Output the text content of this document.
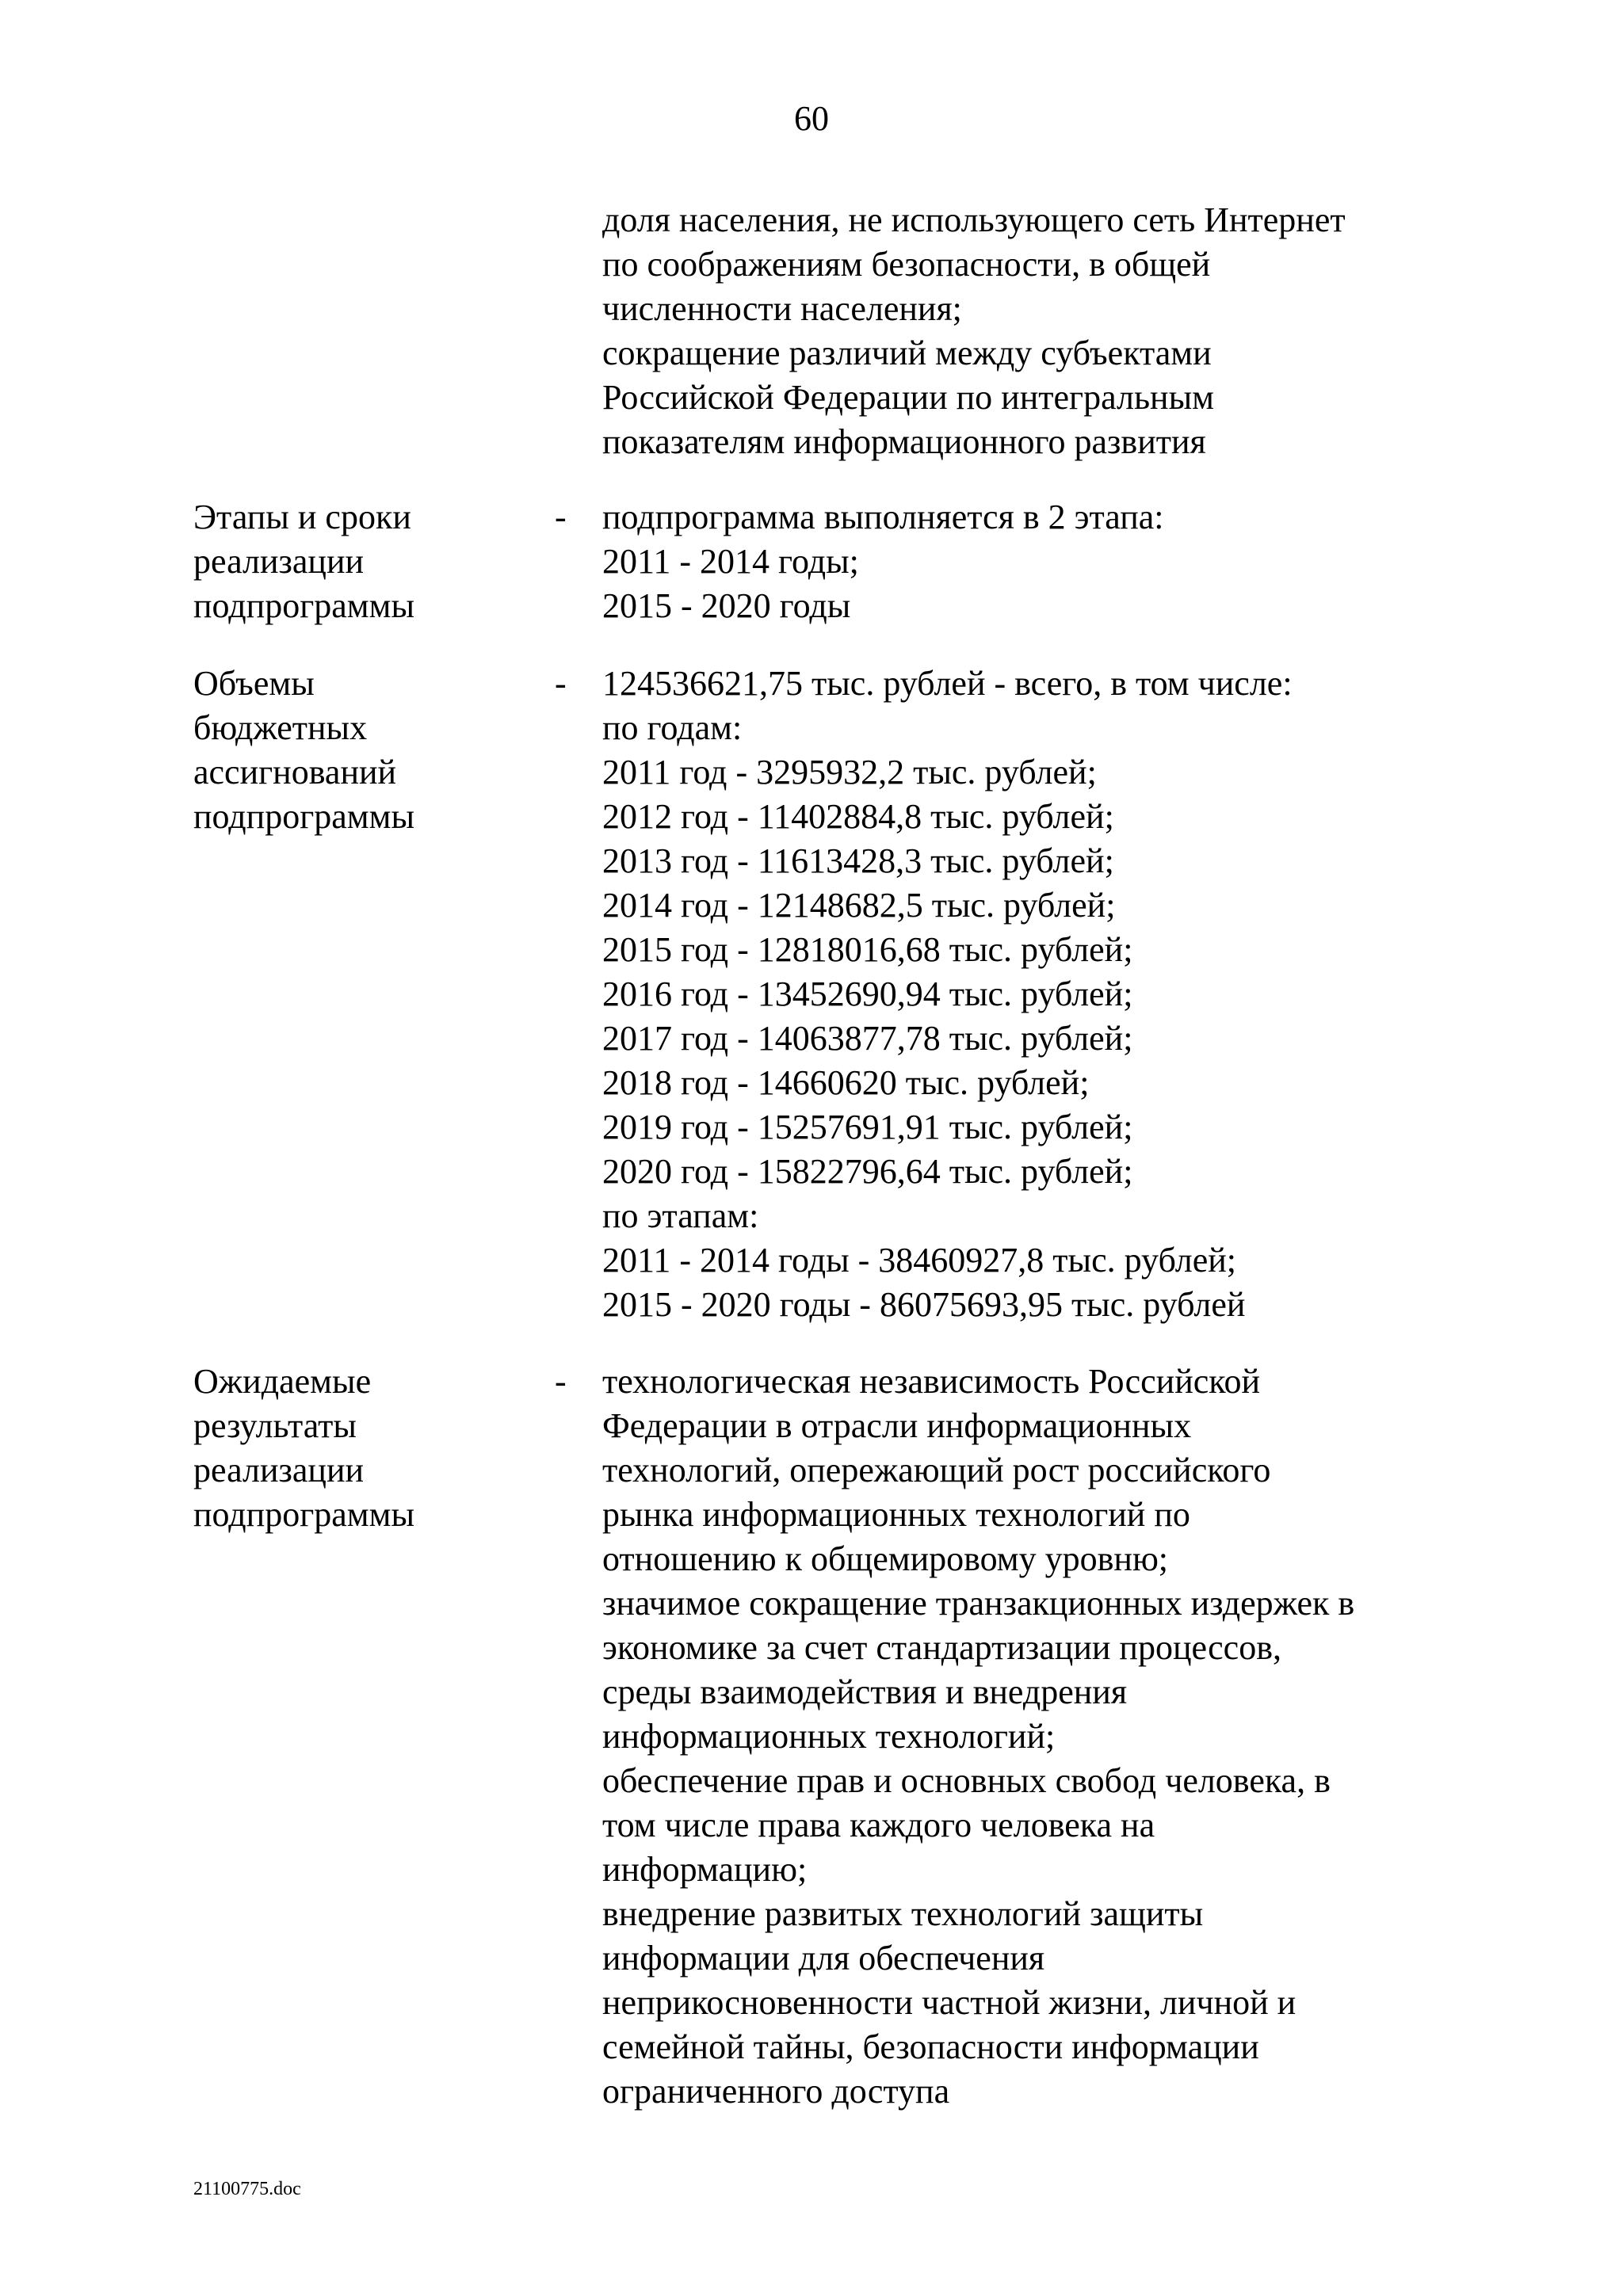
60
доля населения, не использующего сеть Интернет
по соображениям безопасности, в общей
численности населения;
сокращение различий между субъектами
Российской Федерации по интегральным
показателям информационного развития
Этапы и сроки
реализации
подпрограммы
- подпрограмма выполняется в 2 этапа:
2011 - 2014 годы;
2015 - 2020 годы
Объемы
бюджетных
ассигнований
подпрограммы
- 124536621,75 тыс. рублей - всего, в том числе:
по годам:
2011 год - 3295932,2 тыс. рублей;
2012 год - 11402884,8 тыс. рублей;
2013 год - 11613428,3 тыс. рублей;
2014 год - 12148682,5 тыс. рублей;
2015 год - 12818016,68 тыс. рублей;
2016 год - 13452690,94 тыс. рублей;
2017 год - 14063877,78 тыс. рублей;
2018 год - 14660620 тыс. рублей;
2019 год - 15257691,91 тыс. рублей;
2020 год - 15822796,64 тыс. рублей;
по этапам:
2011 - 2014 годы - 38460927,8 тыс. рублей;
2015 - 2020 годы - 86075693,95 тыс. рублей
Ожидаемые
результаты
реализации
подпрограммы
- технологическая независимость Российской
Федерации в отрасли информационных
технологий, опережающий рост российского
рынка информационных технологий по
отношению к общемировому уровню;
значимое сокращение транзакционных издержек в
экономике за счет стандартизации процессов,
среды взаимодействия и внедрения
информационных технологий;
обеспечение прав и основных свобод человека, в
том числе права каждого человека на
информацию;
внедрение развитых технологий защиты
информации для обеспечения
неприкосновенности частной жизни, личной и
семейной тайны, безопасности информации
ограниченного доступа
21100775.doc
